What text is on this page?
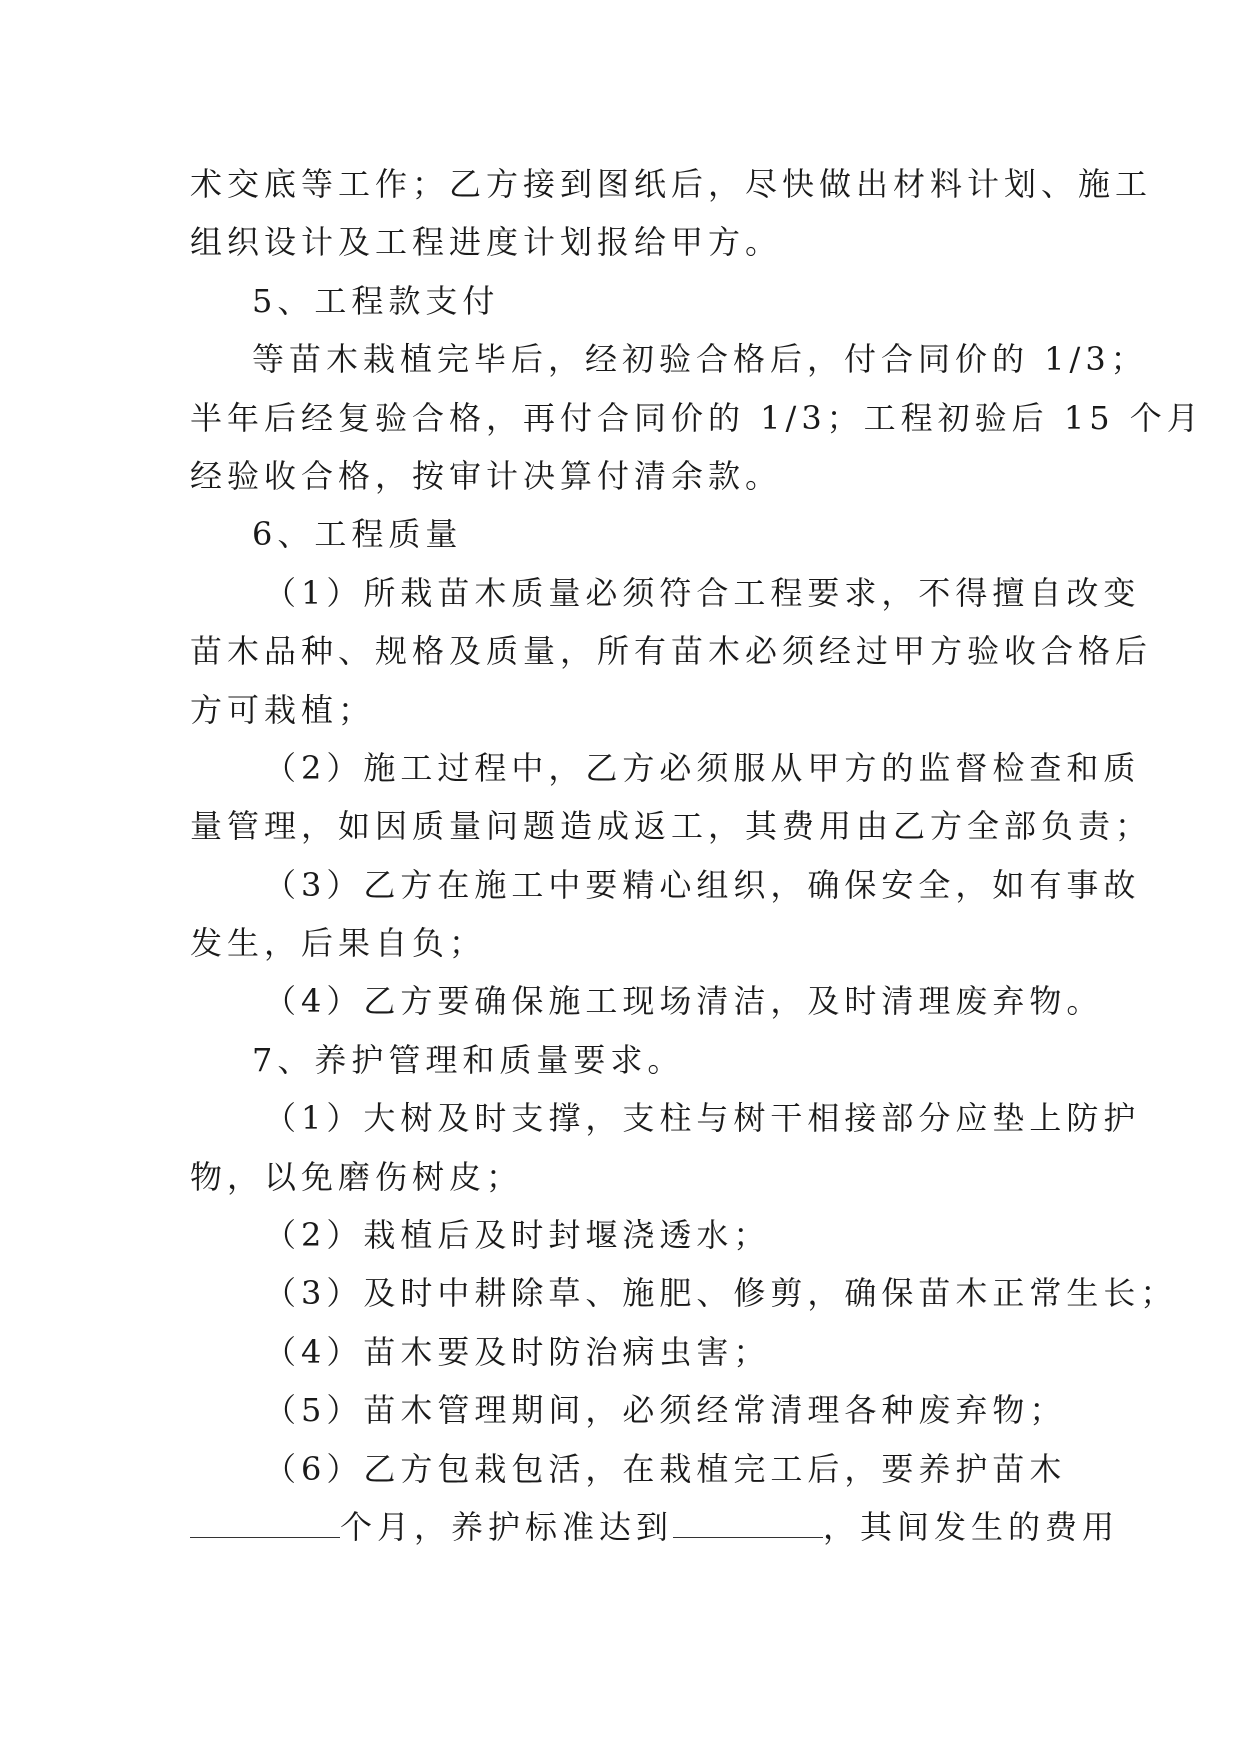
术交底等工作；乙方接到图纸后，尽快做出材料计划、施工
组织设计及工程进度计划报给甲方。
5、工程款支付
等苗木栽植完毕后，经初验合格后，付合同价的 1/3；
半年后经复验合格，再付合同价的 1/3；工程初验后 15 个月
经验收合格，按审计决算付清余款。
6、工程质量
（1）所栽苗木质量必须符合工程要求，不得擅自改变
苗木品种、规格及质量，所有苗木必须经过甲方验收合格后
方可栽植；
（2）施工过程中，乙方必须服从甲方的监督检查和质
量管理，如因质量问题造成返工，其费用由乙方全部负责；
（3）乙方在施工中要精心组织，确保安全，如有事故
发生，后果自负；
（4）乙方要确保施工现场清洁，及时清理废弃物。
7、养护管理和质量要求。
（1）大树及时支撑，支柱与树干相接部分应垫上防护
物，以免磨伤树皮；
（2）栽植后及时封堰浇透水；
（3）及时中耕除草、施肥、修剪，确保苗木正常生长；
（4）苗木要及时防治病虫害；
（5）苗木管理期间，必须经常清理各种废弃物；
（6）乙方包栽包活，在栽植完工后，要养护苗木
个月，养护标准达到	，其间发生的费用
